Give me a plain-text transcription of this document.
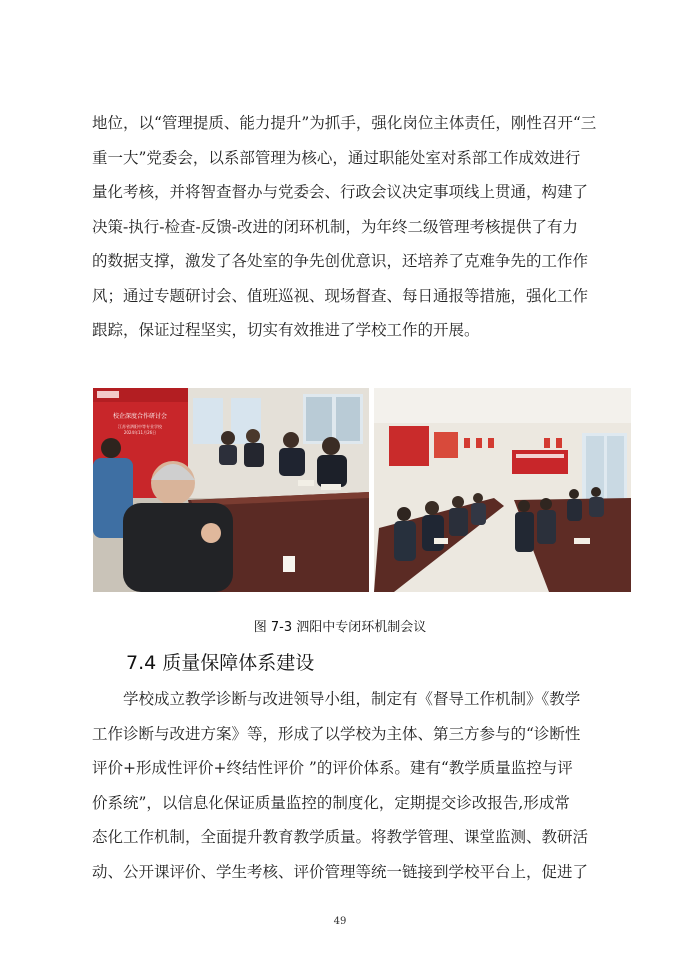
地位，以“管理提质、能力提升”为抓手，强化岗位主体责任，刚性召开“三
重一大”党委会，以系部管理为核心，通过职能处室对系部工作成效进行
量化考核，并将智查督办与党委会、行政会议决定事项线上贯通，构建了
决策-执行-检查-反馈-改进的闭环机制，为年终二级管理考核提供了有力
的数据支撑，激发了各处室的争先创优意识，还培养了克难争先的工作作
风；通过专题研讨会、值班巡视、现场督查、每日通报等措施，强化工作
跟踪，保证过程坚实，切实有效推进了学校工作的开展。
校企深度合作研讨会
江苏省泗阳中等专业学校
2024年11月26日
图 7-3 泗阳中专闭环机制会议
7.4 质量保障体系建设
学校成立教学诊断与改进领导小组，制定有《督导工作机制》《教学
工作诊断与改进方案》等，形成了以学校为主体、第三方参与的“诊断性
评价+形成性评价+终结性评价 ”的评价体系。建有“教学质量监控与评
价系统”，以信息化保证质量监控的制度化，定期提交诊改报告,形成常
态化工作机制，全面提升教育教学质量。将教学管理、课堂监测、教研活
动、公开课评价、学生考核、评价管理等统一链接到学校平台上，促进了
49
